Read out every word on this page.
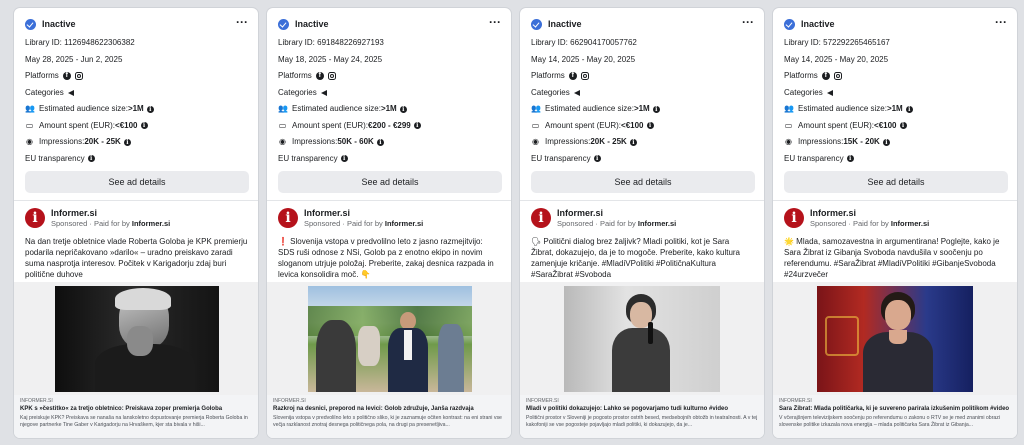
Inactive	···
Library ID: 1126948622306382
May 28, 2025 - Jun 2, 2025
Platforms f
Categories
👥 Estimated audience size: >1M i
▭ Amount spent (EUR): <€100 i
◉ Impressions: 20K - 25K i
EU transparency i
See ad details
i	Informer.si
Sponsored · Paid for by Informer.si
Na dan tretje obletnice vlade Roberta Goloba je KPK premierju podarila nepričakovano »darilo« – uradno preiskavo zaradi suma nasprotja interesov. Počitek v Karigadorju zdaj buri politične duhove
INFORMER.SI
KPK s »čestitko« za tretjo obletnico: Preiskava zoper premierja Goloba
Kaj preiskuje KPK? Preiskava se nanaša na lanskoletno dopustovanje premierja Roberta Goloba in njegove partnerke Tine Gaber v Karigadorju na Hrvaškem, kjer sta bivala v hiši...
Inactive	···
Library ID: 691848226927193
May 18, 2025 - May 24, 2025
Platforms f
Categories
👥 Estimated audience size: >1M i
▭ Amount spent (EUR): €200 - €299 i
◉ Impressions: 50K - 60K i
EU transparency i
See ad details
i	Informer.si
Sponsored · Paid for by Informer.si
❗ Slovenija vstopa v predvolilno leto z jasno razmejitvijo: SDS ruši odnose z NSi, Golob pa z enotno ekipo in novim sloganom utrjuje položaj. Preberite, zakaj desnica razpada in levica konsolidira moč. 👇
INFORMER.SI
Razkroj na desnici, preporod na levici: Golob združuje, Janša razdvaja
Slovenija vstopa v predvolilno leto s politično sliko, ki je zaznamuje očiten kontrast: na eni strani vse večja razklanost znotraj desnega političnega pola, na drugi pa presenetljiva...
Inactive	···
Library ID: 662904170057762
May 14, 2025 - May 20, 2025
Platforms f
Categories
👥 Estimated audience size: >1M i
▭ Amount spent (EUR): <€100 i
◉ Impressions: 20K - 25K i
EU transparency i
See ad details
i	Informer.si
Sponsored · Paid for by Informer.si
🗣 Politični dialog brez žaljivk? Mladi politiki, kot je Sara Žibrat, dokazujejo, da je to mogoče. Preberite, kako kultura zamenjuje kričanje. #MladiVPolitiki #PolitičnaKultura #SaraŽibrat #Svoboda
INFORMER.SI
Mladi v politiki dokazujejo: Lahko se pogovarjamo tudi kulturno #video
Politični prostor v Sloveniji je pogosto prostor ostrih besed, medsebojnih obtožb in teatralnosti. A v tej kakofoniji se vse pogosteje pojavljajo mladi politiki, ki dokazujejo, da je...
Inactive	···
Library ID: 572292265465167
May 14, 2025 - May 20, 2025
Platforms f
Categories
👥 Estimated audience size: >1M i
▭ Amount spent (EUR): <€100 i
◉ Impressions: 15K - 20K i
EU transparency i
See ad details
i	Informer.si
Sponsored · Paid for by Informer.si
🌟 Mlada, samozavestna in argumentirana! Poglejte, kako je Sara Žibrat iz Gibanja Svoboda navdušila v soočenju po referendumu. #SaraŽibrat #MladiVPolitiki #GibanjeSvoboda #24urzvečer
INFORMER.SI
Sara Žibrat: Mlada političarka, ki je suvereno parirala izkušenim politikom #video
V včerajšnjem televizijskem soočenju po referendumu o zakonu o RTV se je med znanimi obrazi slovenske politike izkazala nova energija – mlada političarka Sara Žibrat iz Gibanja...
